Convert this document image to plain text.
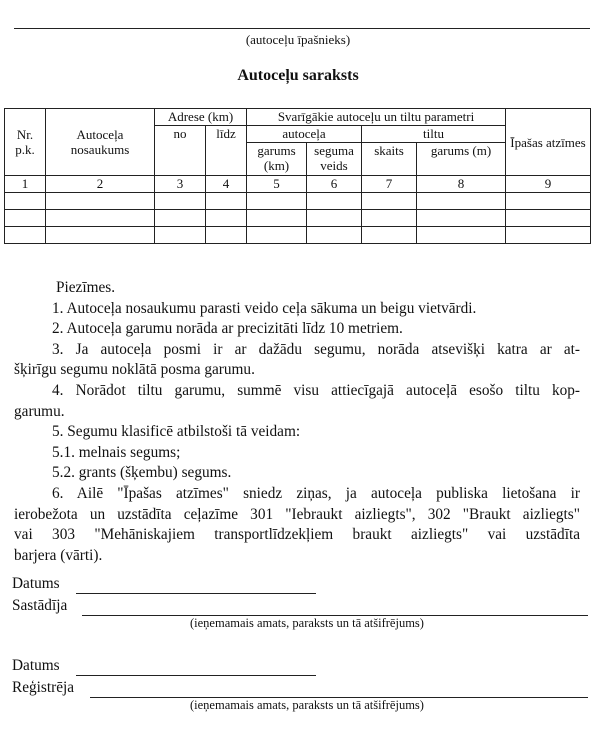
(autoceļu īpašnieks)
Autoceļu saraksts
Nr. p.k.	Autoceļa nosaukums	Adrese (km)		Svarīgākie autoceļu un tiltu parametri				Īpašas atzīmes
		no	līdz	autoceļa		tiltu		
				garums (km)	seguma veids	skaits	garums (m)	
1	2	3	4	5	6	7	8	9

Piezīmes.

1. Autoceļa nosaukumu parasti veido ceļa sākuma un beigu vietvārdi.

2. Autoceļa garumu norāda ar precizitāti līdz 10 metriem.

3. Ja autoceļa posmi ir ar dažādu segumu, norāda atsevišķi katra ar at-

šķirīgu segumu noklātā posma garumu.

4. Norādot tiltu garumu, summē visu attiecīgajā autoceļā esošo tiltu kop-

garumu.

5. Segumu klasificē atbilstoši tā veidam:

5.1. melnais segums;

5.2. grants (šķembu) segums.

6. Ailē "Īpašas atzīmes" sniedz ziņas, ja autoceļa publiska lietošana ir

ierobežota un uzstādīta ceļazīme 301 "Iebraukt aizliegts", 302 "Braukt aizliegts"

vai 303 "Mehāniskajiem transportlīdzekļiem braukt aizliegts" vai uzstādīta

barjera (vārti).

Datums
Sastādīja
(ieņemamais amats, paraksts un tā atšifrējums)
Datums
Reģistrēja
(ieņemamais amats, paraksts un tā atšifrējums)
